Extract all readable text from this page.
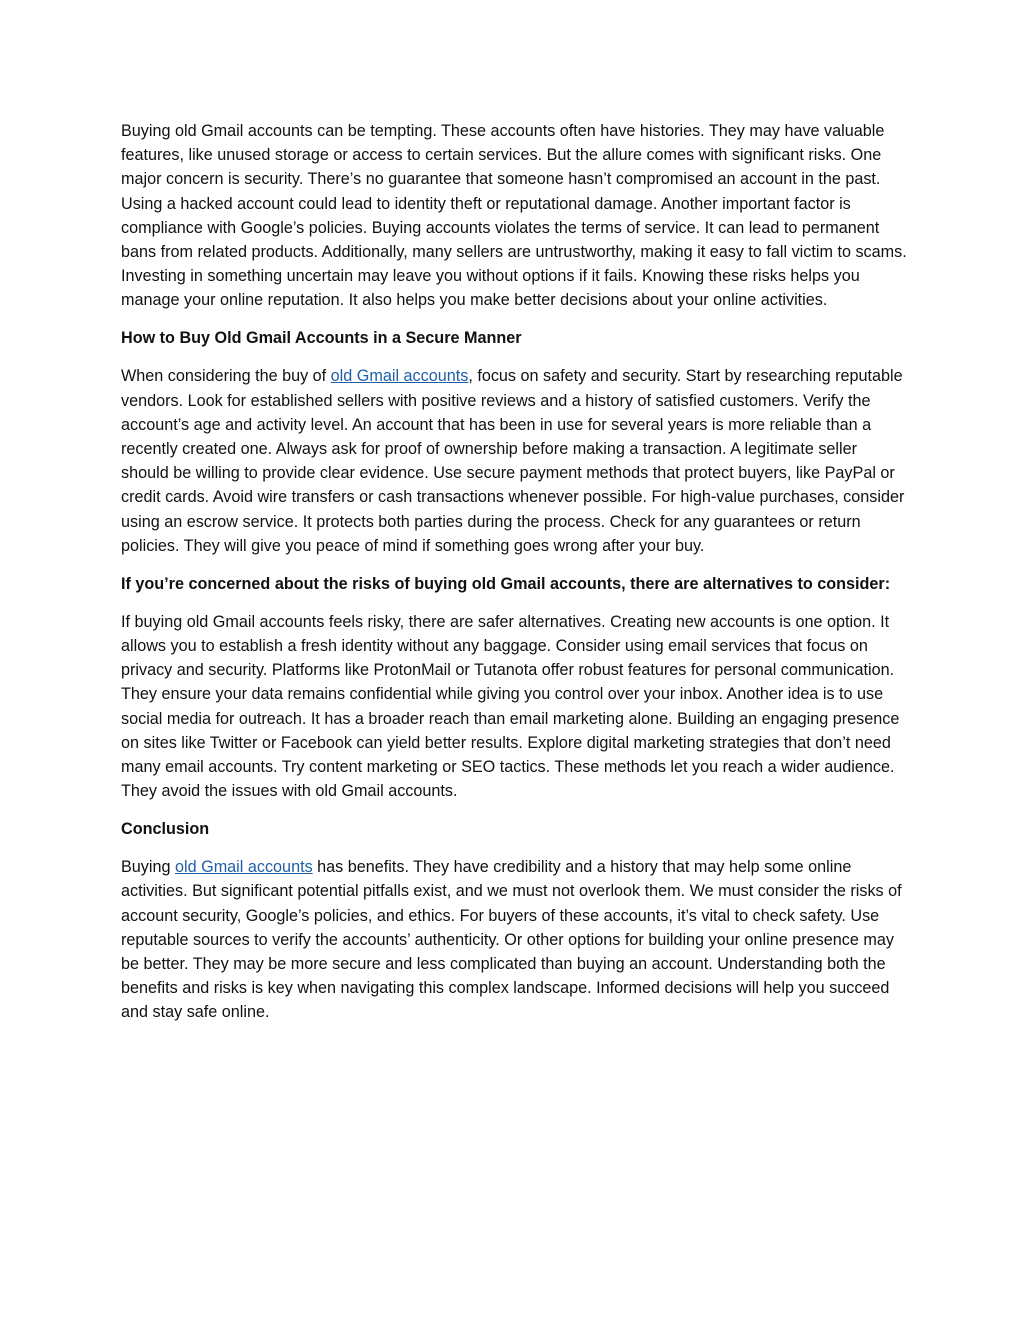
Buying old Gmail accounts can be tempting. These accounts often have histories. They may have valuable features, like unused storage or access to certain services. But the allure comes with significant risks. One major concern is security. There’s no guarantee that someone hasn’t compromised an account in the past. Using a hacked account could lead to identity theft or reputational damage. Another important factor is compliance with Google’s policies. Buying accounts violates the terms of service. It can lead to permanent bans from related products. Additionally, many sellers are untrustworthy, making it easy to fall victim to scams. Investing in something uncertain may leave you without options if it fails. Knowing these risks helps you manage your online reputation. It also helps you make better decisions about your online activities.

How to Buy Old Gmail Accounts in a Secure Manner

When considering the buy of old Gmail accounts, focus on safety and security. Start by researching reputable vendors. Look for established sellers with positive reviews and a history of satisfied customers. Verify the account’s age and activity level. An account that has been in use for several years is more reliable than a recently created one. Always ask for proof of ownership before making a transaction. A legitimate seller should be willing to provide clear evidence. Use secure payment methods that protect buyers, like PayPal or credit cards. Avoid wire transfers or cash transactions whenever possible. For high-value purchases, consider using an escrow service. It protects both parties during the process. Check for any guarantees or return policies. They will give you peace of mind if something goes wrong after your buy.

If you’re concerned about the risks of buying old Gmail accounts, there are alternatives to consider:

If buying old Gmail accounts feels risky, there are safer alternatives. Creating new accounts is one option. It allows you to establish a fresh identity without any baggage. Consider using email services that focus on privacy and security. Platforms like ProtonMail or Tutanota offer robust features for personal communication. They ensure your data remains confidential while giving you control over your inbox. Another idea is to use social media for outreach. It has a broader reach than email marketing alone. Building an engaging presence on sites like Twitter or Facebook can yield better results. Explore digital marketing strategies that don’t need many email accounts. Try content marketing or SEO tactics. These methods let you reach a wider audience. They avoid the issues with old Gmail accounts.

Conclusion

Buying old Gmail accounts has benefits. They have credibility and a history that may help some online activities. But significant potential pitfalls exist, and we must not overlook them. We must consider the risks of account security, Google’s policies, and ethics. For buyers of these accounts, it’s vital to check safety. Use reputable sources to verify the accounts’ authenticity. Or other options for building your online presence may be better. They may be more secure and less complicated than buying an account. Understanding both the benefits and risks is key when navigating this complex landscape. Informed decisions will help you succeed and stay safe online.
